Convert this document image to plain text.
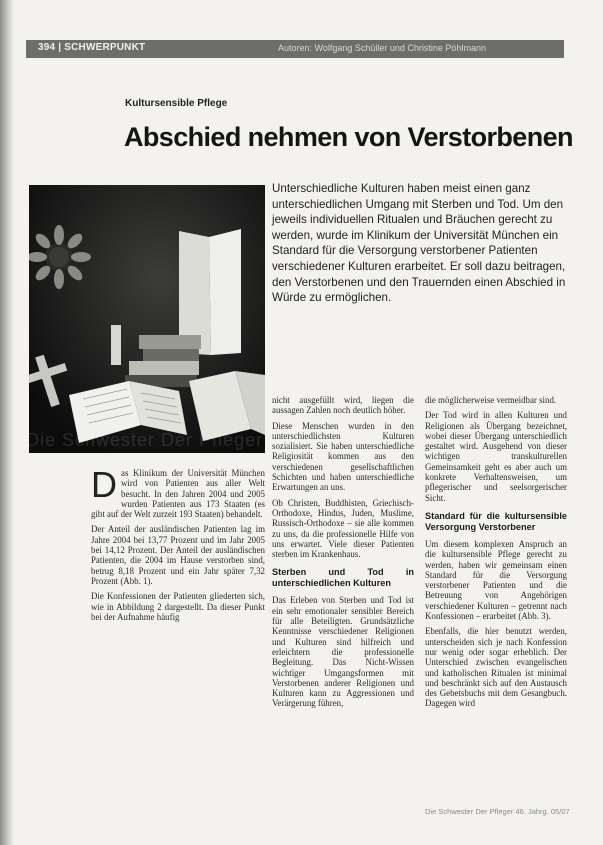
394 | SCHWERPUNKT	Autoren: Wolfgang Schüller und Christine Pöhlmann
Kultursensible Pflege
Abschied nehmen von Verstorbenen
Die Schwester Der Pfleger

Unterschiedliche Kulturen haben meist einen ganz unterschiedlichen Umgang mit Sterben und Tod. Um den jeweils individuellen Ritualen und Bräuchen gerecht zu werden, wurde im Klinikum der Universität München ein Standard für die Versorgung verstorbener Patienten verschiedener Kulturen erarbeitet. Er soll dazu beitragen, den Verstorbenen und den Trauernden einen Abschied in Würde zu ermöglichen.

Das Klinikum der Universität München wird von Patienten aus aller Welt besucht. In den Jahren 2004 und 2005 wurden Patienten aus 173 Staaten (es gibt auf der Welt zurzeit 193 Staaten) behandelt.

Der Anteil der ausländischen Patienten lag im Jahre 2004 bei 13,77 Prozent und im Jahr 2005 bei 14,12 Prozent. Der Anteil der ausländischen Patienten, die 2004 im Hause verstorben sind, betrug 8,18 Prozent und ein Jahr später 7,32 Prozent (Abb. 1).

Die Konfessionen der Patienten gliederten sich, wie in Abbildung 2 dargestellt. Da dieser Punkt bei der Aufnahme häufig

nicht ausgefüllt wird, liegen die aussagen Zahlen noch deutlich höher.

Diese Menschen wurden in den unterschiedlichsten Kulturen sozialisiert. Sie haben unterschiedliche Religiosität kommen aus den verschiedenen gesellschaftlichen Schichten und haben unterschiedliche Erwartungen an uns.

Ob Christen, Buddhisten, Griechisch-Orthodoxe, Hindus, Juden, Muslime, Russisch-Orthodoxe – sie alle kommen zu uns, da die professionelle Hilfe von uns erwartet. Viele dieser Patienten sterben im Krankenhaus.

Sterben und Tod in unterschiedlichen Kulturen

Das Erleben von Sterben und Tod ist ein sehr emotionaler sensibler Bereich für alle Beteiligten. Grundsätzliche Kenntnisse verschiedener Religionen und Kulturen sind hilfreich und erleichtern die professionelle Begleitung. Das Nicht-Wissen wichtiger Umgangsformen mit Verstorbenen anderer Religionen und Kulturen kann zu Aggressionen und Verärgerung führen,

die möglicherweise vermeidbar sind.

Der Tod wird in allen Kulturen und Religionen als Übergang bezeichnet, wobei dieser Übergang unterschiedlich gestaltet wird. Ausgehend von dieser wichtigen transkulturellen Gemeinsamkeit geht es aber auch um konkrete Verhaltensweisen, um pflegerischer und seelsorgerischer Sicht.

Standard für die kultursensible Versorgung Verstorbener

Um diesem komplexen Anspruch an die kultursensible Pflege gerecht zu werden, haben wir gemeinsam einen Standard für die Versorgung verstorbener Patienten und die Betreuung von Angehörigen verschiedener Kulturen – getrennt nach Konfessionen – erarbeitet (Abb. 3).

Ebenfalls, die hier benutzt werden, unterscheiden sich je nach Konfession nur wenig oder sogar erheblich. Der Unterschied zwischen evangelischen und katholischen Ritualen ist minimal und beschränkt sich auf den Austausch des Gebetsbuchs mit dem Gesangbuch. Dagegen wird

Die Schwester Der Pfleger 46. Jahrg. 05/07
